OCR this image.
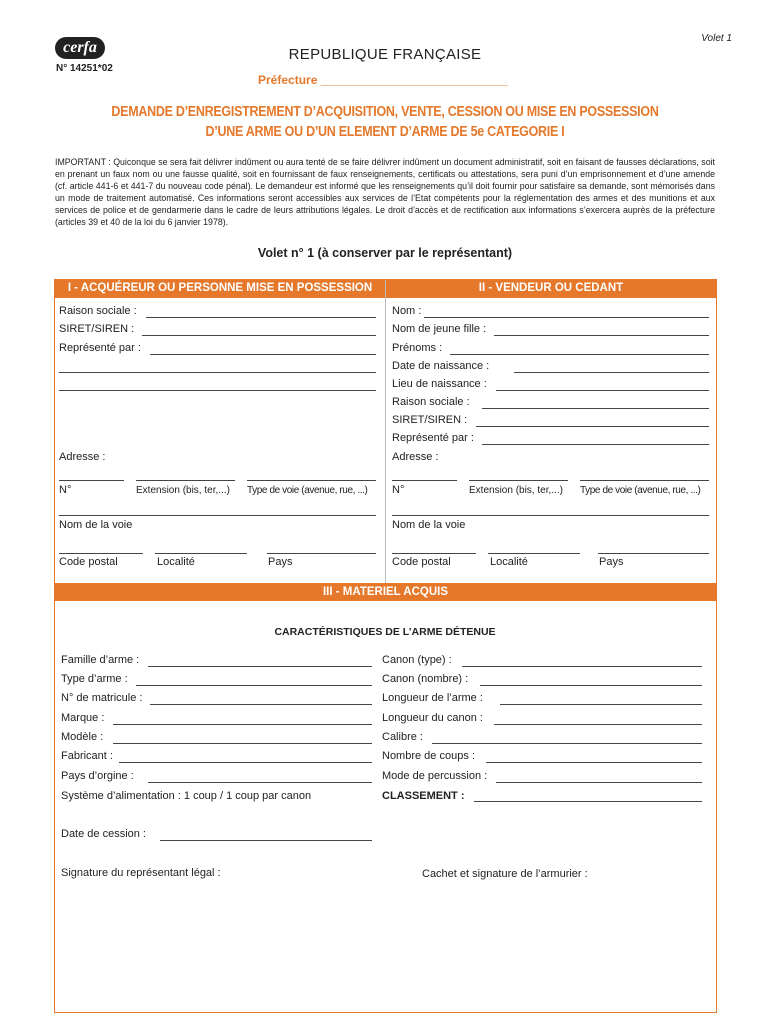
Volet 1
cerfa
N° 14251*02
REPUBLIQUE FRANÇAISE
Préfecture ____________________________
DEMANDE D’ENREGISTREMENT D’ACQUISITION, VENTE, CESSION OU MISE EN POSSESSION
D’UNE ARME OU D’UN ELEMENT D’ARME DE 5e CATEGORIE I
IMPORTANT : Quiconque se sera fait délivrer indûment ou aura tenté de se faire délivrer indûment un document administratif, soit en faisant de fausses déclarations, soit en prenant un faux nom ou une fausse qualité, soit en fournissant de faux renseignements, certificats ou attestations, sera puni d’un emprisonnement et d’une amende (cf. article 441-6 et 441-7 du nouveau code pénal). Le demandeur est informé que les renseignements qu’il doit fournir pour satisfaire sa demande, sont mémorisés dans un mode de traitement automatisé. Ces informations seront accessibles aux services de l’Etat compétents pour la réglementation des armes et des munitions et aux services de police et de gendarmerie dans le cadre de leurs attributions légales. Le droit d’accès et de rectification aux informations s’exercera auprès de la préfecture (articles 39 et 40 de la loi du 6 janvier 1978).
Volet n° 1 (à conserver par le représentant)
I - ACQUÉREUR OU PERSONNE MISE EN POSSESSION	II - VENDEUR OU CEDANT
Raison sociale :
SIRET/SIREN :
Représenté par :
Adresse :
N°	Extension (bis, ter,...) Type de voie (avenue, rue, ...)
Nom de la voie
Code postal	Localité	Pays
Nom :
Nom de jeune fille :
Prénoms :
Date de naissance :
Lieu de naissance :
Raison sociale :
SIRET/SIREN :
Représenté par :
Adresse :
N°	Extension (bis, ter,...) Type de voie (avenue, rue, ...)
Nom de la voie
Code postal	Localité	Pays
III - MATERIEL ACQUIS
CARACTÉRISTIQUES DE L’ARME DÉTENUE
Famille d’arme :
Type d’arme :
N° de matricule :
Marque :
Modèle :
Fabricant :
Pays d’orgine :
Système d’alimentation : 1 coup / 1 coup par canon
Canon (type) :
Canon (nombre) :
Longueur de l’arme :
Longueur du canon :
Calibre :
Nombre de coups :
Mode de percussion :
CLASSEMENT :
Date de cession :
Signature du représentant légal :	Cachet et signature de l’armurier :
